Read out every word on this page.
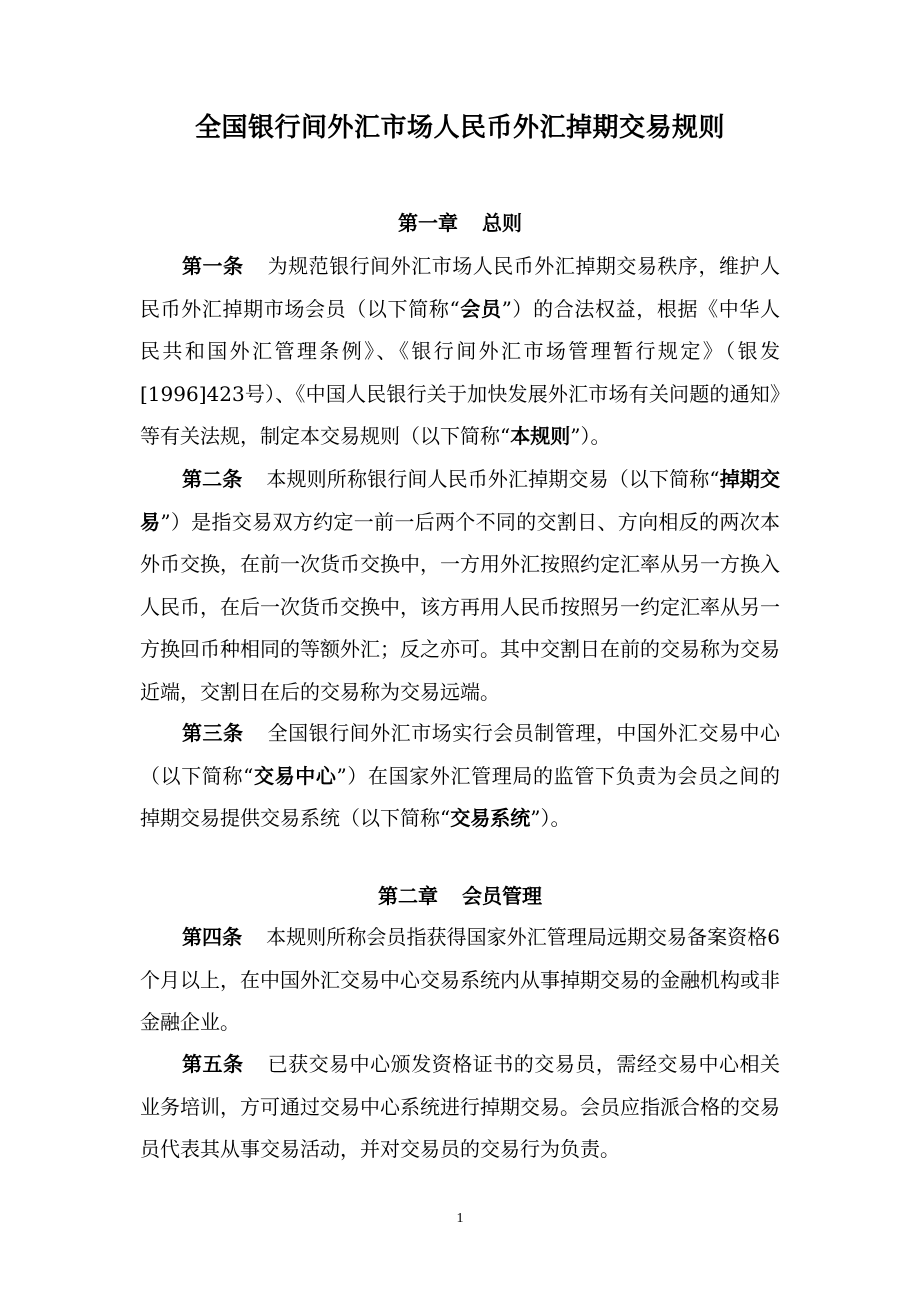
全国银行间外汇市场人民币外汇掉期交易规则
第一章 总则

第一条 为规范银行间外汇市场人民币外汇掉期交易秩序，维护人民币外汇掉期市场会员（以下简称“会员”）的合法权益，根据《中华人民共和国外汇管理条例》、《银行间外汇市场管理暂行规定》（银发[1996]423号）、《中国人民银行关于加快发展外汇市场有关问题的通知》等有关法规，制定本交易规则（以下简称“本规则”）。

第二条 本规则所称银行间人民币外汇掉期交易（以下简称“掉期交易”）是指交易双方约定一前一后两个不同的交割日、方向相反的两次本外币交换，在前一次货币交换中，一方用外汇按照约定汇率从另一方换入人民币，在后一次货币交换中，该方再用人民币按照另一约定汇率从另一方换回币种相同的等额外汇；反之亦可。其中交割日在前的交易称为交易近端，交割日在后的交易称为交易远端。

第三条 全国银行间外汇市场实行会员制管理，中国外汇交易中心（以下简称“交易中心”）在国家外汇管理局的监管下负责为会员之间的掉期交易提供交易系统（以下简称“交易系统”）。

第二章 会员管理

第四条 本规则所称会员指获得国家外汇管理局远期交易备案资格6个月以上，在中国外汇交易中心交易系统内从事掉期交易的金融机构或非金融企业。

第五条 已获交易中心颁发资格证书的交易员，需经交易中心相关业务培训，方可通过交易中心系统进行掉期交易。会员应指派合格的交易员代表其从事交易活动，并对交易员的交易行为负责。

1
